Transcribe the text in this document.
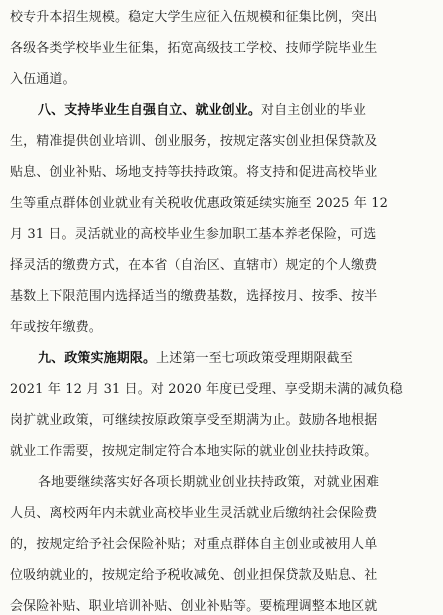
校专升本招生规模。稳定大学生应征入伍规模和征集比例，突出
各级各类学校毕业生征集，拓宽高级技工学校、技师学院毕业生
入伍通道。
八、支持毕业生自强自立、就业创业。对自主创业的毕业
生，精准提供创业培训、创业服务，按规定落实创业担保贷款及
贴息、创业补贴、场地支持等扶持政策。将支持和促进高校毕业
生等重点群体创业就业有关税收优惠政策延续实施至 2025 年 12
月 31 日。灵活就业的高校毕业生参加职工基本养老保险，可选
择灵活的缴费方式，在本省（自治区、直辖市）规定的个人缴费
基数上下限范围内选择适当的缴费基数，选择按月、按季、按半
年或按年缴费。
九、政策实施期限。上述第一至七项政策受理期限截至
2021 年 12 月 31 日。对 2020 年度已受理、享受期未满的减负稳
岗扩就业政策，可继续按原政策享受至期满为止。鼓励各地根据
就业工作需要，按规定制定符合本地实际的就业创业扶持政策。
各地要继续落实好各项长期就业创业扶持政策，对就业困难
人员、离校两年内未就业高校毕业生灵活就业后缴纳社会保险费
的，按规定给予社会保险补贴；对重点群体自主创业或被用人单
位吸纳就业的，按规定给予税收减免、创业担保贷款及贴息、社
会保险补贴、职业培训补贴、创业补贴等。要梳理调整本地区就
